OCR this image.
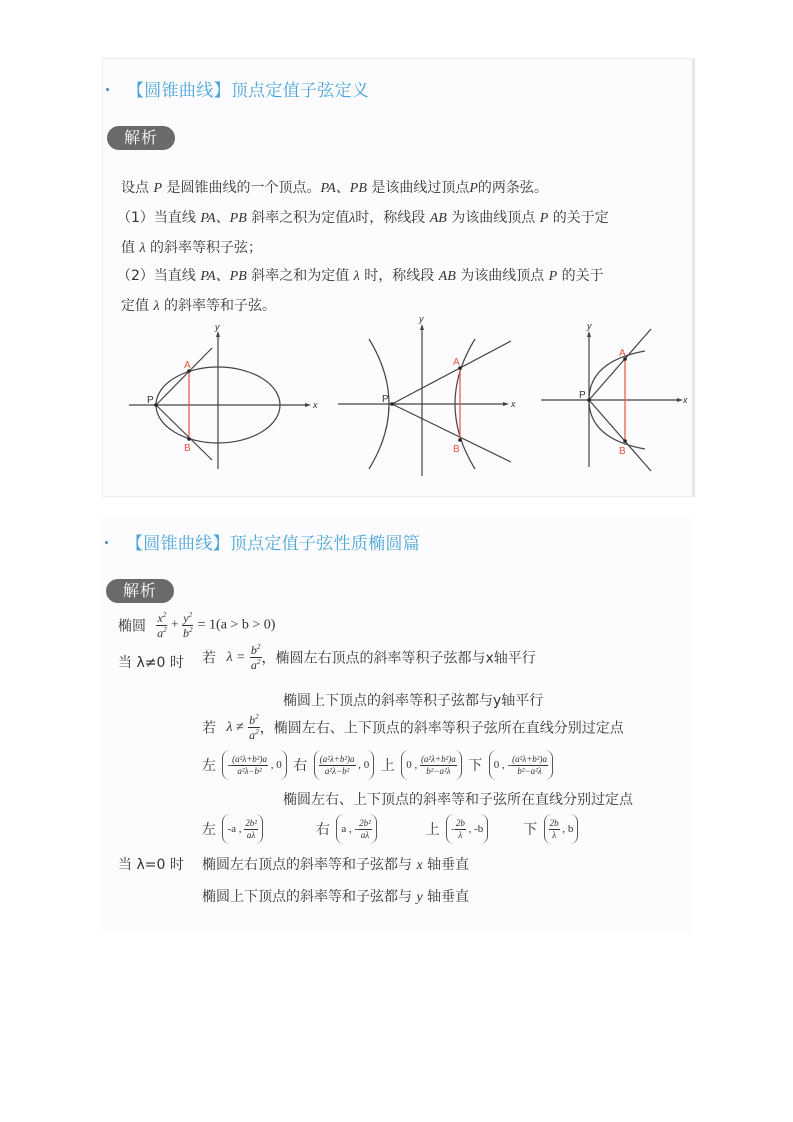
【圆锥曲线】顶点定值子弦定义
解析
设点 P 是圆锥曲线的一个顶点。PA、PB 是该曲线过顶点P的两条弦。
（1）当直线 PA、PB 斜率之积为定值λ时，称线段 AB 为该曲线顶点 P 的关于定
值 λ 的斜率等积子弦；
（2）当直线 PA、PB 斜率之和为定值 λ 时，称线段 AB 为该曲线顶点 P 的关于
定值 λ 的斜率等和子弦。
P
A
B
x
y
P
A
B
x
y
P
A
B
x
y
【圆锥曲线】顶点定值子弦性质椭圆篇
解析
椭圆 $\frac{x^2}{a^2} + \frac{y^2}{b^2} = 1(a > b > 0)$
当 λ≠0 时 若 $\lambda = \frac{b^2}{a^2}$ ，椭圆左右顶点的斜率等积子弦都与x轴平行
椭圆上下顶点的斜率等积子弦都与y轴平行
若 $\lambda \ne \frac{b^2}{a^2}$ ，椭圆左右、上下顶点的斜率等积子弦所在直线分别过定点
左 - $\frac{\text{(a²λ+b²)a}}{\text{a²λ−b²}}$ , 0 右 $\frac{\text{(a²λ+b²)a}}{\text{a²λ−b²}}$ , 0 上 0 , $\frac{\text{(a²λ+b²)a}}{\text{b²−a²λ}}$ 下 0 , - $\frac{\text{(a²λ+b²)a}}{\text{b²−a²λ}}$
椭圆左右、上下顶点的斜率等和子弦所在直线分别过定点
左 -a , $\frac{\text{2b²}}{a\lambda}$	右 a , - $\frac{\text{2b²}}{a\lambda}$	上 - $\frac{2b}{\lambda}$ , -b	下 $\frac{2b}{\lambda}$ , b
当 λ=0 时 椭圆左右顶点的斜率等和子弦都与 x 轴垂直
椭圆上下顶点的斜率等和子弦都与 y 轴垂直
